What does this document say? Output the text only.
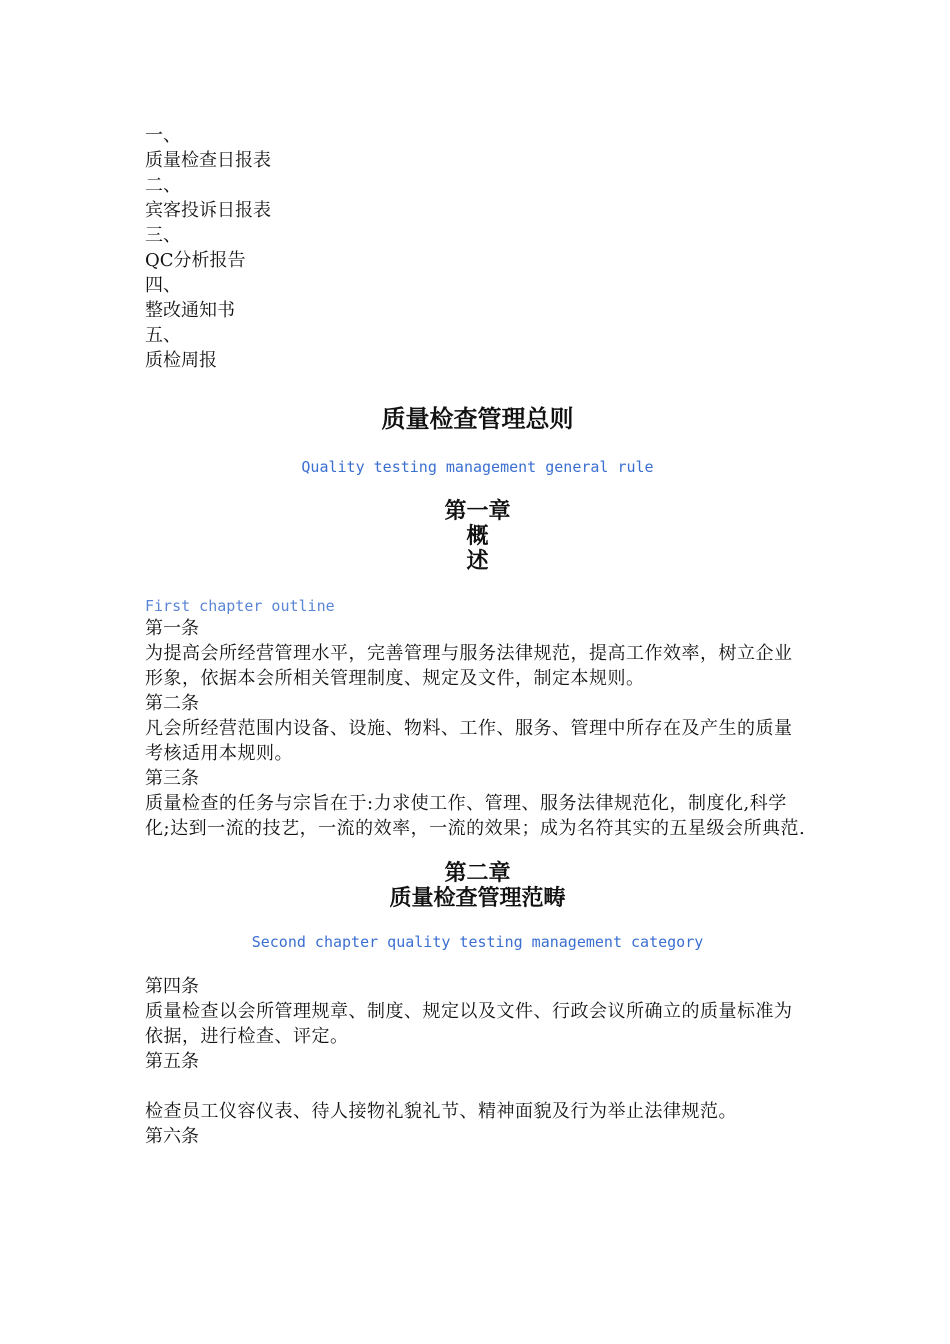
一、
质量检查日报表
二、
宾客投诉日报表
三、
QC分析报告
四、
整改通知书
五、
质检周报
质量检查管理总则
Quality testing management general rule
第一章
概
述
First chapter outline
第一条
为提高会所经营管理水平，完善管理与服务法律规范，提高工作效率，树立企业形象，依据本会所相关管理制度、规定及文件，制定本规则。
第二条
凡会所经营范围内设备、设施、物料、工作、服务、管理中所存在及产生的质量考核适用本规则。
第三条
质量检查的任务与宗旨在于:力求使工作、管理、服务法律规范化，制度化,科学化;达到一流的技艺，一流的效率，一流的效果；成为名符其实的五星级会所典范.
第二章
质量检查管理范畴
Second chapter quality testing management category
第四条
质量检查以会所管理规章、制度、规定以及文件、行政会议所确立的质量标准为依据，进行检查、评定。
第五条
检查员工仪容仪表、待人接物礼貌礼节、精神面貌及行为举止法律规范。
第六条
